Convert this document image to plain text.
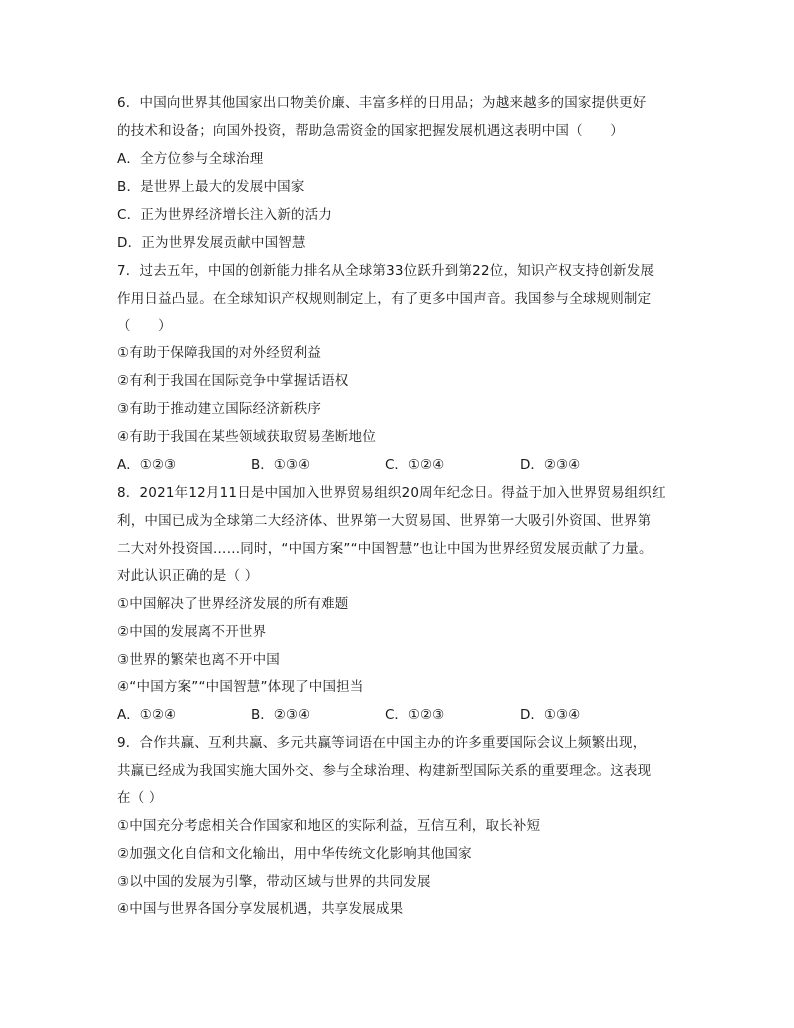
6．中国向世界其他国家出口物美价廉、丰富多样的日用品；为越来越多的国家提供更好
的技术和设备；向国外投资，帮助急需资金的国家把握发展机遇这表明中国（　　）
A．全方位参与全球治理
B．是世界上最大的发展中国家
C．正为世界经济增长注入新的活力
D．正为世界发展贡献中国智慧
7．过去五年，中国的创新能力排名从全球第33位跃升到第22位，知识产权支持创新发展
作用日益凸显。在全球知识产权规则制定上，有了更多中国声音。我国参与全球规则制定
（　　）
①有助于保障我国的对外经贸利益
②有利于我国在国际竞争中掌握话语权
③有助于推动建立国际经济新秩序
④有助于我国在某些领域获取贸易垄断地位
A．①②③	B．①③④	C．①②④	D．②③④
8．2021年12月11日是中国加入世界贸易组织20周年纪念日。得益于加入世界贸易组织红
利，中国已成为全球第二大经济体、世界第一大贸易国、世界第一大吸引外资国、世界第
二大对外投资国……同时，“中国方案”“中国智慧”也让中国为世界经贸发展贡献了力量。
对此认识正确的是（ ）
①中国解决了世界经济发展的所有难题
②中国的发展离不开世界
③世界的繁荣也离不开中国
④“中国方案”“中国智慧”体现了中国担当
A．①②④	B．②③④	C．①②③	D．①③④
9．合作共赢、互利共赢、多元共赢等词语在中国主办的许多重要国际会议上频繁出现，
共赢已经成为我国实施大国外交、参与全球治理、构建新型国际关系的重要理念。这表现
在（ ）
①中国充分考虑相关合作国家和地区的实际利益，互信互利，取长补短
②加强文化自信和文化输出，用中华传统文化影响其他国家
③以中国的发展为引擎，带动区域与世界的共同发展
④中国与世界各国分享发展机遇，共享发展成果
